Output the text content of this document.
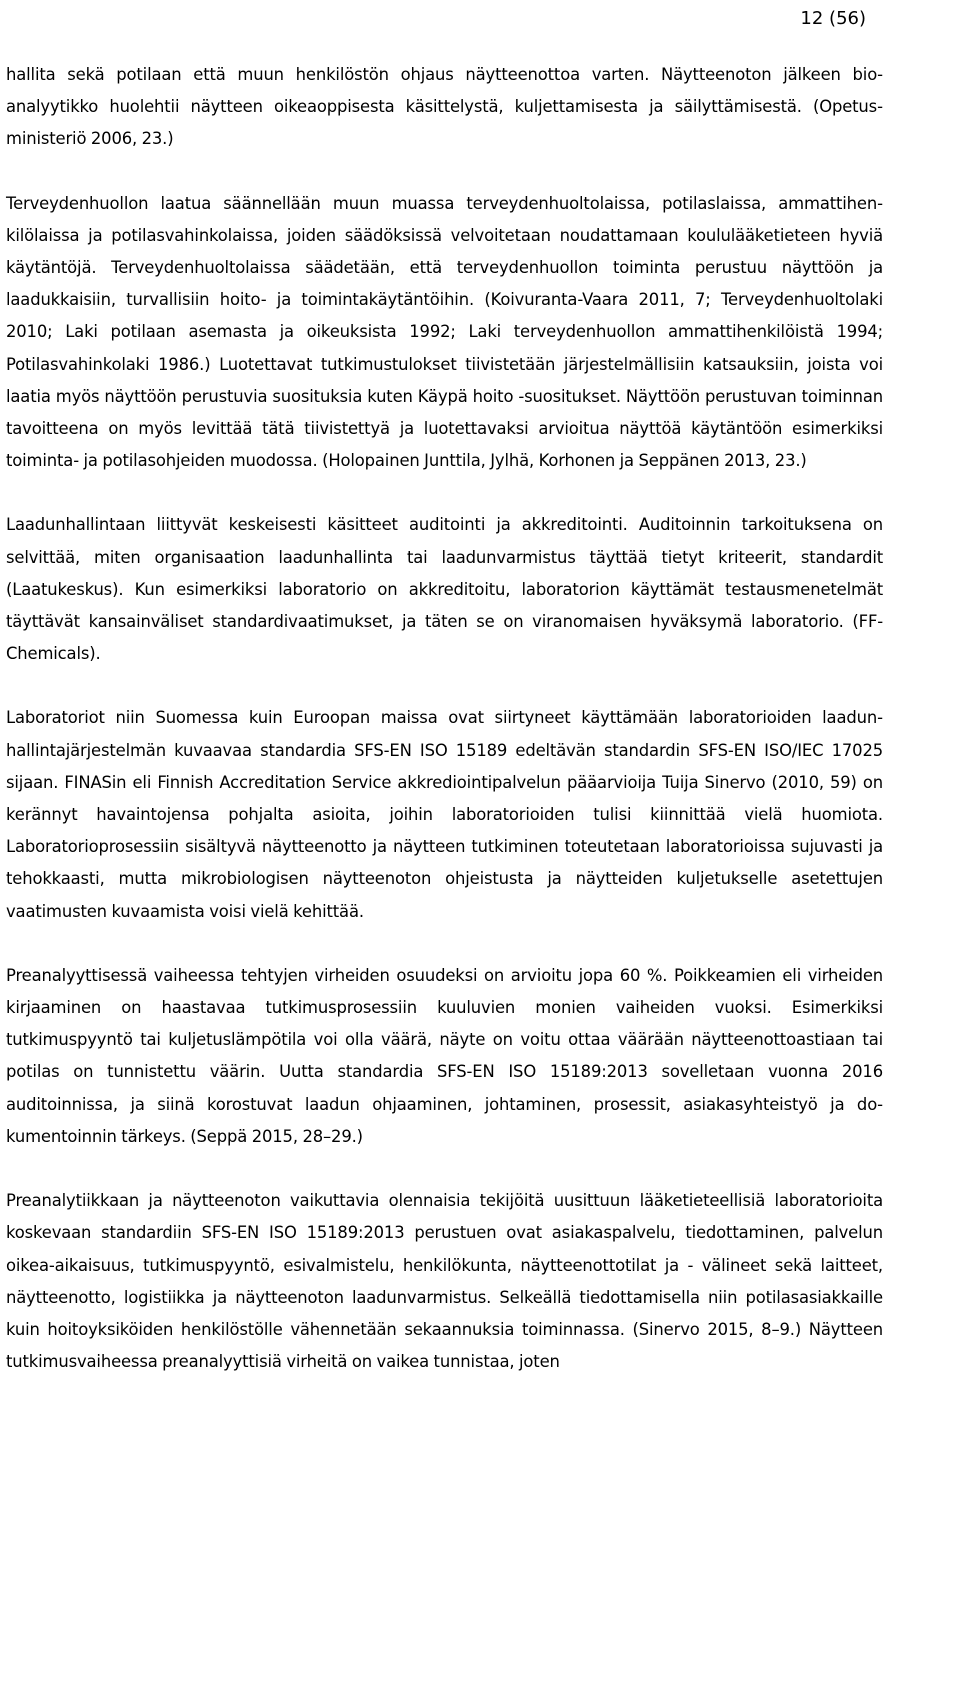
12 (56)

hallita sekä potilaan että muun henkilöstön ohjaus näytteenottoa varten. Näytteenoton jälkeen bioanalyytikko huolehtii näytteen oikeaoppisesta käsittelystä, kuljettamisesta ja säilyttämisestä. (Opetusministeriö 2006, 23.)

Terveydenhuollon laatua säännellään muun muassa terveydenhuoltolaissa, potilaslaissa, ammattihenkilölaissa ja potilasvahinkolaissa, joiden säädöksissä velvoitetaan noudattamaan koululääketieteen hyviä käytäntöjä. Terveydenhuoltolaissa säädetään, että terveydenhuollon toiminta perustuu näyttöön ja laadukkaisiin, turvallisiin hoito- ja toimintakäytäntöihin. (Koivuranta-Vaara 2011, 7; Terveydenhuoltolaki 2010; Laki potilaan asemasta ja oikeuksista 1992; Laki terveydenhuollon ammattihenkilöistä 1994; Potilasvahinkolaki 1986.) Luotettavat tutkimustulokset tiivistetään järjestelmällisiin katsauksiin, joista voi laatia myös näyttöön perustuvia suosituksia kuten Käypä hoito -suositukset. Näyttöön perustuvan toiminnan tavoitteena on myös levittää tätä tiivistettyä ja luotettavaksi arvioitua näyttöä käytäntöön esimerkiksi toiminta- ja potilasohjeiden muodossa. (Holopainen Junttila, Jylhä, Korhonen ja Seppänen 2013, 23.)

Laadunhallintaan liittyvät keskeisesti käsitteet auditointi ja akkreditointi. Auditoinnin tarkoituksena on selvittää, miten organisaation laadunhallinta tai laadunvarmistus täyttää tietyt kriteerit, standardit (Laatukeskus). Kun esimerkiksi laboratorio on akkreditoitu, laboratorion käyttämät testausmenetelmät täyttävät kansainväliset standardivaatimukset, ja täten se on viranomaisen hyväksymä laboratorio. (FF-Chemicals).

Laboratoriot niin Suomessa kuin Euroopan maissa ovat siirtyneet käyttämään laboratorioiden laadunhallintajärjestelmän kuvaavaa standardia SFS-EN ISO 15189 edeltävän standardin SFS-EN ISO/IEC 17025 sijaan. FINASin eli Finnish Accreditation Service akkrediointipalvelun pääarvioija Tuija Sinervo (2010, 59) on kerännyt havaintojensa pohjalta asioita, joihin laboratorioiden tulisi kiinnittää vielä huomiota. Laboratorioprosessiin sisältyvä näytteenotto ja näytteen tutkiminen toteutetaan laboratorioissa sujuvasti ja tehokkaasti, mutta mikrobiologisen näytteenoton ohjeistusta ja näytteiden kuljetukselle asetettujen vaatimusten kuvaamista voisi vielä kehittää.

Preanalyyttisessä vaiheessa tehtyjen virheiden osuudeksi on arvioitu jopa 60 %. Poikkeamien eli virheiden kirjaaminen on haastavaa tutkimusprosessiin kuuluvien monien vaiheiden vuoksi. Esimerkiksi tutkimuspyyntö tai kuljetuslämpötila voi olla väärä, näyte on voitu ottaa väärään näytteenottoastiaan tai potilas on tunnistettu väärin. Uutta standardia SFS-EN ISO 15189:2013 sovelletaan vuonna 2016 auditoinnissa, ja siinä korostuvat laadun ohjaaminen, johtaminen, prosessit, asiakasyhteistyö ja dokumentoinnin tärkeys. (Seppä 2015, 28–29.)

Preanalytiikkaan ja näytteenoton vaikuttavia olennaisia tekijöitä uusittuun lääketieteellisiä laboratorioita koskevaan standardiin SFS-EN ISO 15189:2013 perustuen ovat asiakaspalvelu, tiedottaminen, palvelun oikea-aikaisuus, tutkimuspyyntö, esivalmistelu, henkilökunta, näytteenottotilat ja - välineet sekä laitteet, näytteenotto, logistiikka ja näytteenoton laadunvarmistus. Selkeällä tiedottamisella niin potilasasiakkaille kuin hoitoyksiköiden henkilöstölle vähennetään sekaannuksia toiminnassa. (Sinervo 2015, 8–9.) Näytteen tutkimusvaiheessa preanalyyttisiä virheitä on vaikea tunnistaa, joten
